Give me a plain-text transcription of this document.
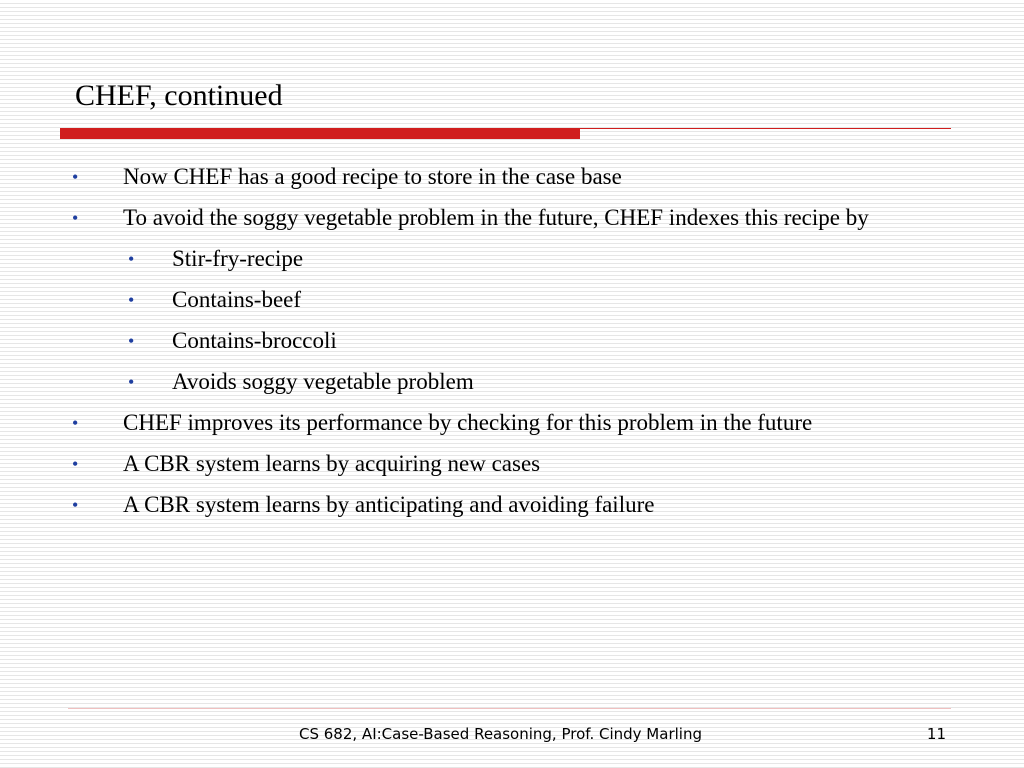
CHEF, continued
• Now CHEF has a good recipe to store in the case base
• To avoid the soggy vegetable problem in the future, CHEF indexes this recipe by
• Stir-fry-recipe
• Contains-beef
• Contains-broccoli
• Avoids soggy vegetable problem
• CHEF improves its performance by checking for this problem in the future
• A CBR system learns by acquiring new cases
• A CBR system learns by anticipating and avoiding failure
CS 682, AI:Case-Based Reasoning, Prof. Cindy Marling	11
